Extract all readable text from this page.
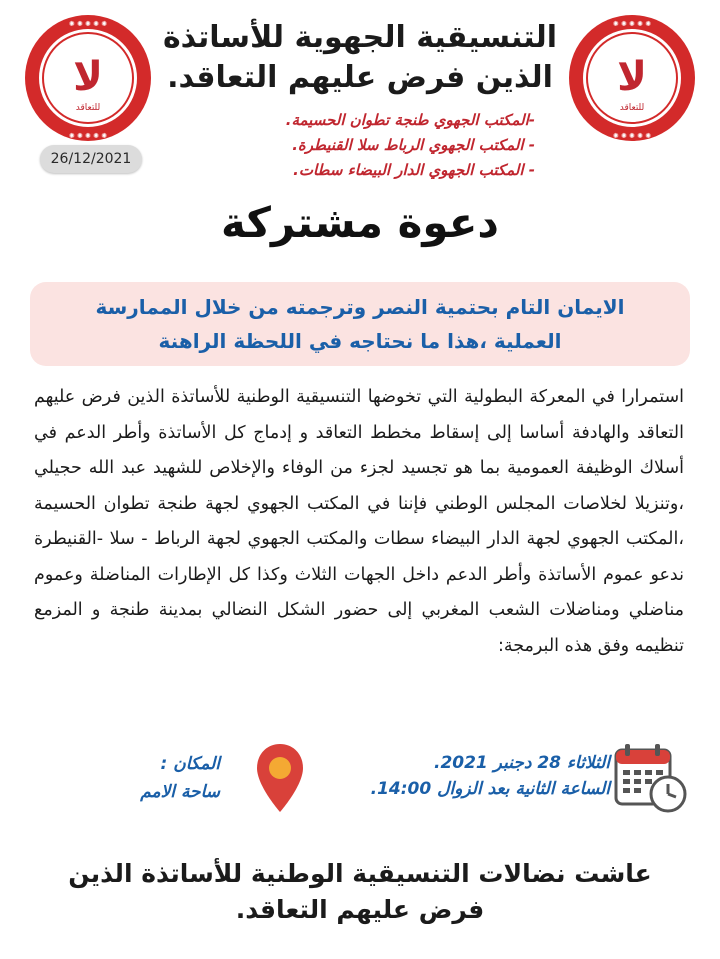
لا
للتعاقد
✺ ✺ ✺ ✺ ✺
✺ ✺ ✺ ✺ ✺
لا
للتعاقد
✺ ✺ ✺ ✺ ✺
✺ ✺ ✺ ✺ ✺
التنسيقية الجهوية للأساتذة
الذين فرض عليهم التعاقد.
-المكتب الجهوي طنجة تطوان الحسيمة.
- المكتب الجهوي الرباط سلا القنيطرة.
- المكتب الجهوي الدار البيضاء سطات.
26/12/2021
دعوة مشتركة
الايمان التام بحتمية النصر وترجمته من خلال الممارسة
العملية ،هذا ما نحتاجه في اللحظة الراهنة
استمرارا في المعركة البطولية التي تخوضها التنسيقية الوطنية للأساتذة الذين فرض عليهم التعاقد والهادفة أساسا إلى إسقاط مخطط التعاقد و إدماج كل الأساتذة وأطر الدعم في أسلاك الوظيفة العمومية بما هو تجسيد لجزء من الوفاء والإخلاص للشهيد عبد الله حجيلي ،وتنزيلا لخلاصات المجلس الوطني فإننا في المكتب الجهوي لجهة طنجة تطوان الحسيمة ،المكتب الجهوي لجهة الدار البيضاء سطات والمكتب الجهوي لجهة الرباط - سلا -القنيطرة ندعو عموم الأساتذة وأطر الدعم داخل الجهات الثلاث وكذا كل الإطارات المناضلة وعموم مناضلي ومناضلات الشعب المغربي إلى حضور الشكل النضالي بمدينة طنجة و المزمع تنظيمه وفق هذه البرمجة:
الثلاثاء 28 دجنبر 2021.
الساعة الثانية بعد الزوال 14:00.
المكان :
ساحة الامم
عاشت نضالات التنسيقية الوطنية للأساتذة الذين
فرض عليهم التعاقد.
